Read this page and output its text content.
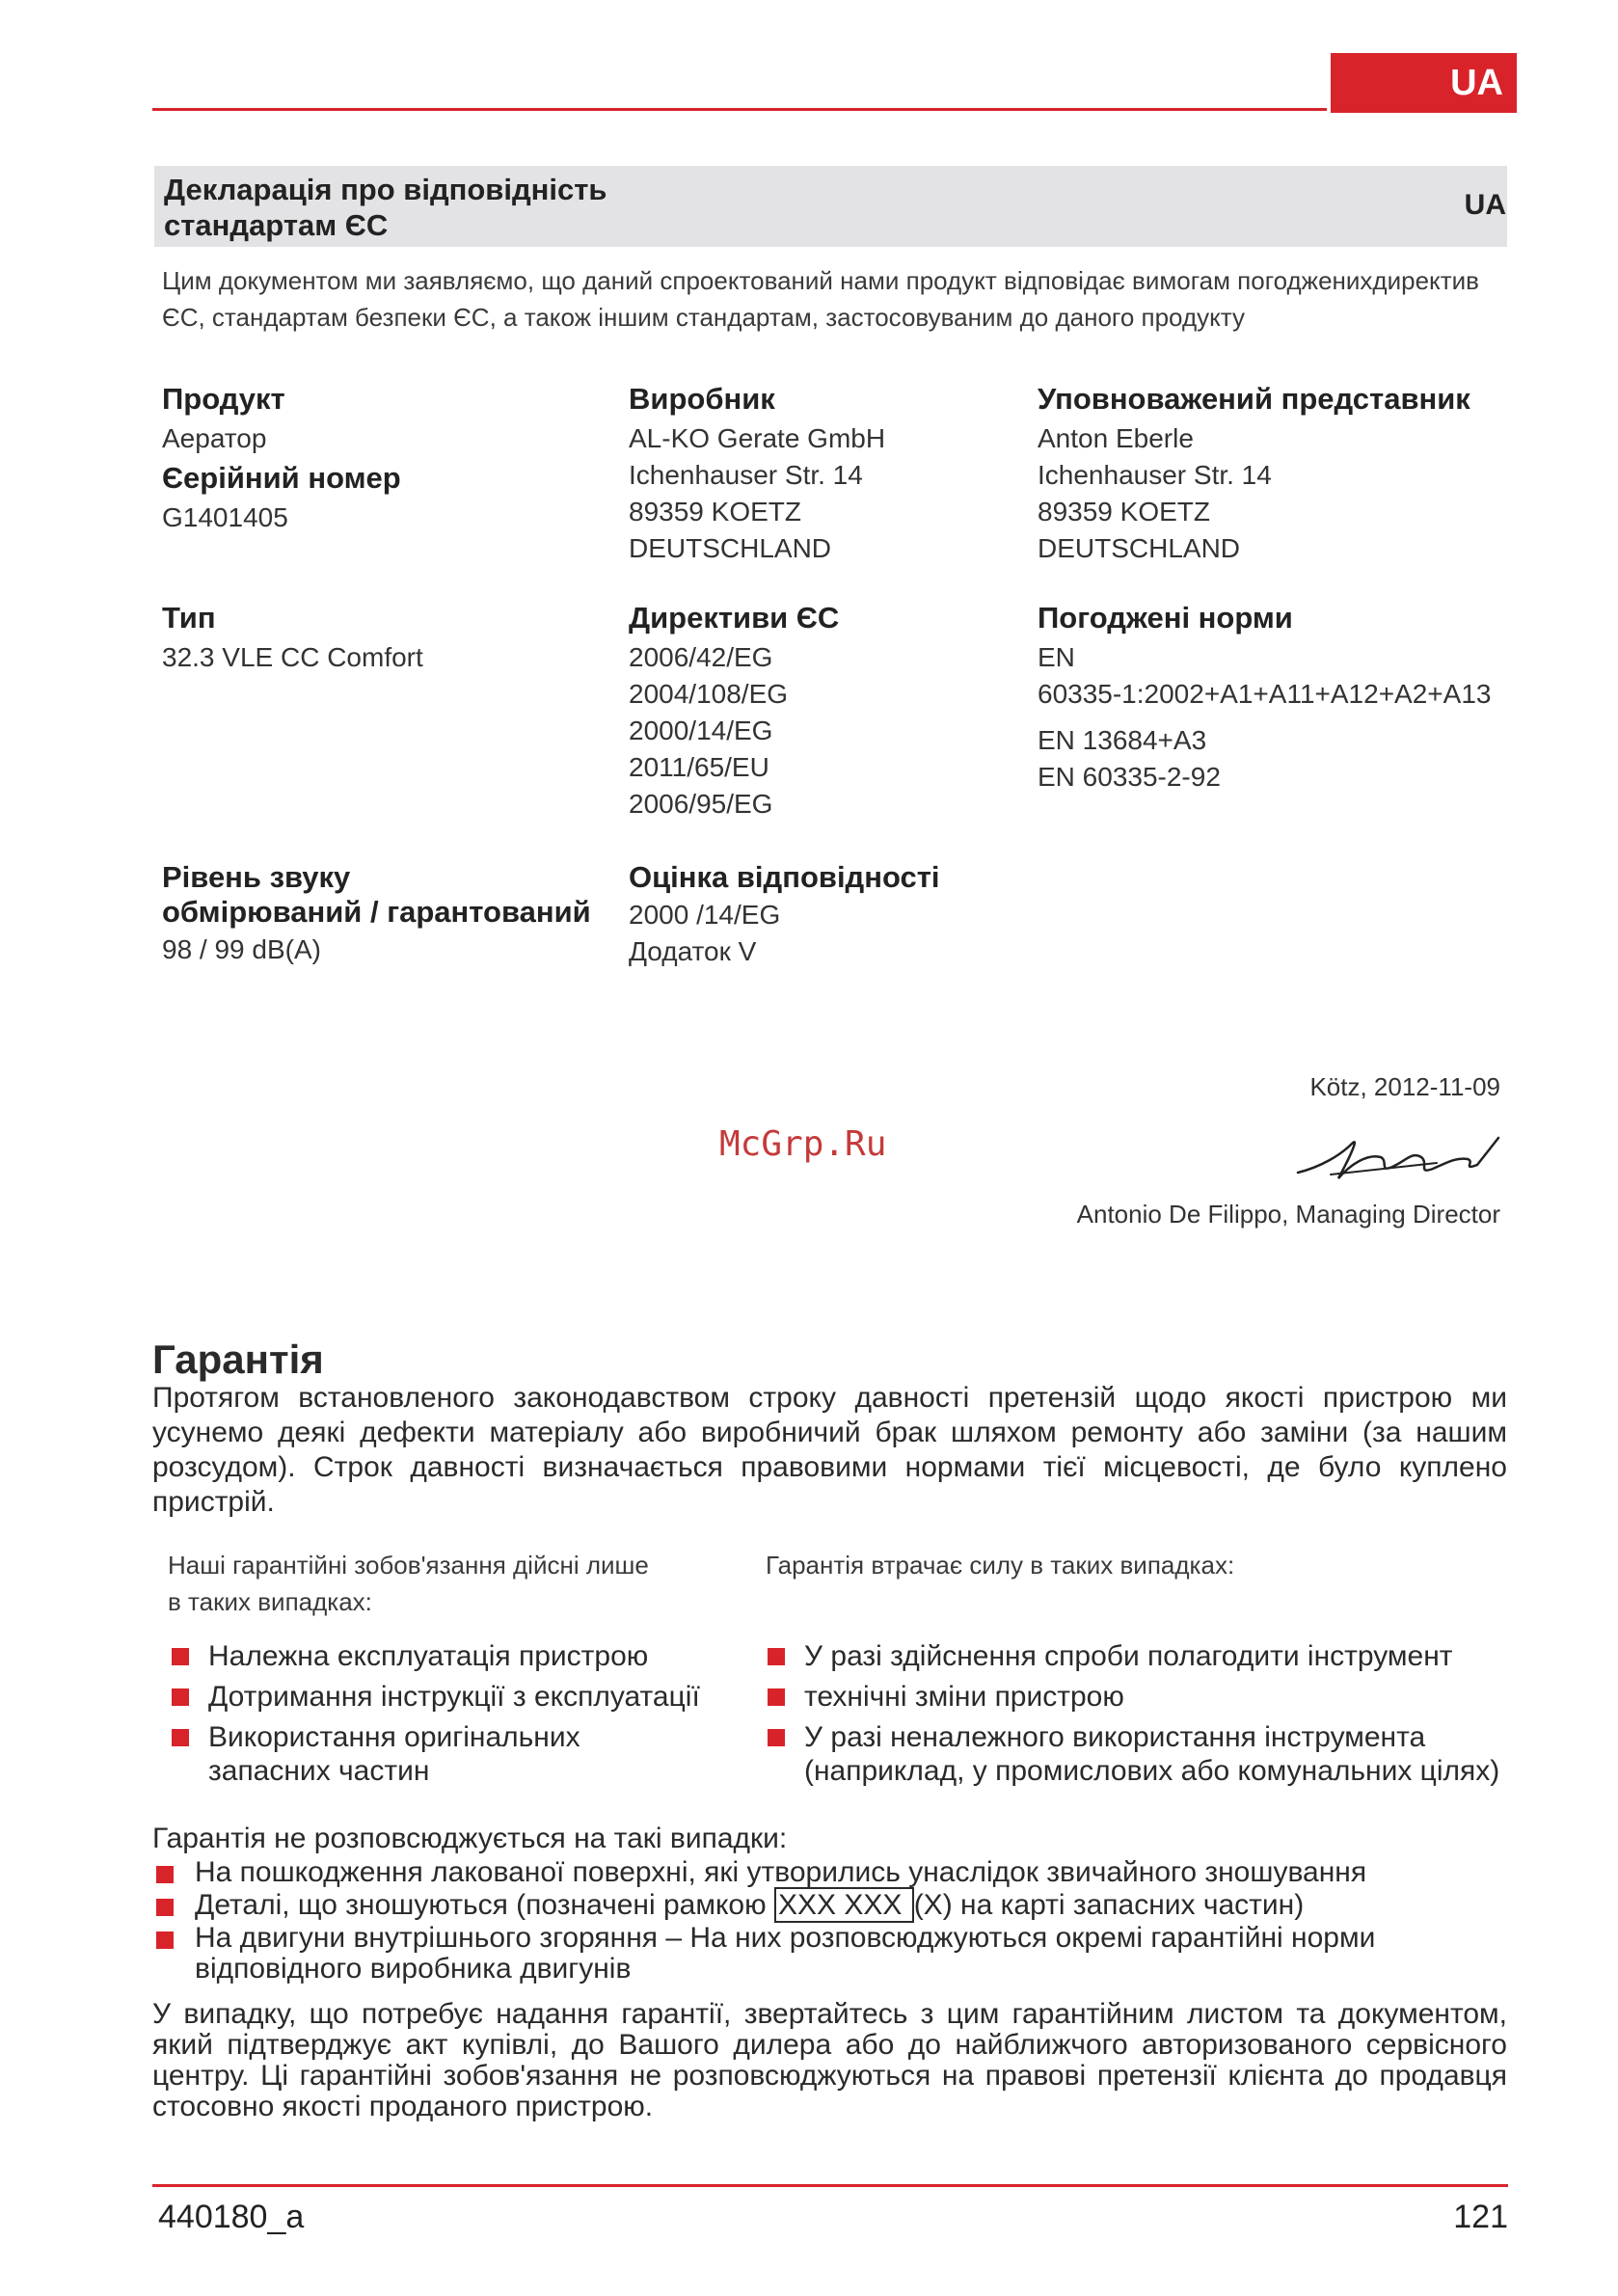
UA
Декларація про відповідність
стандартам ЄС
UA
Цим документом ми заявляємо, що даний спроектований нами продукт відповідає вимогам погодженихдиректив ЄС, стандартам безпеки ЄС, а також іншим стандартам, застосовуваним до даного продукту
Продукт
Аератор
Єерійний номер
G1401405
Виробник
AL-KO Gerate GmbH
Ichenhauser Str. 14
89359 KOETZ
DEUTSCHLAND
Уповноважений представник
Anton Eberle
Ichenhauser Str. 14
89359 KOETZ
DEUTSCHLAND
Тип
32.3 VLE CC Comfort
Директиви ЄС
2006/42/EG
2004/108/EG
2000/14/EG
2011/65/EU
2006/95/EG
Погоджені норми
EN
60335-1:2002+A1+A11+A12+A2+A13
EN 13684+A3
EN 60335-2-92
Рівень звуку
обмірюваний / гарантований
98 / 99 dB(A)
Оцінка відповідності
2000 /14/EG
Додаток V
Kötz, 2012-11-09
McGrp.Ru
Antonio De Filippo, Managing Director
Гарантія
Протягом встановленого законодавством строку давності претензій щодо якості пристрою ми усунемо деякі дефекти матеріалу або виробничий брак шляхом ремонту або заміни (за нашим розсудом). Строк давності визначається правовими нормами тієї місцевості, де було куплено пристрій.
Наші гарантійні зобов'язання дійсні лише
в таких випадках:
Належна експлуатація пристрою
Дотримання інструкції з експлуатації
Використання оригінальних запасних частин
Гарантія втрачає силу в таких випадках:
У разі здійснення спроби полагодити інструмент
технічні зміни пристрою
У разі неналежного використання інструмента (наприклад, у промислових або комунальних цілях)
Гарантія не розповсюджується на такі випадки:
На пошкодження лакованої поверхні, які утворились унаслідок звичайного зношування
Деталі, що зношуються (позначені рамкою XXX XXX (X) на карті запасних частин)
На двигуни внутрішнього згоряння – На них розповсюджуються окремі гарантійні норми відповідного виробника двигунів
У випадку, що потребує надання гарантії, звертайтесь з цим гарантійним листом та документом, який підтверджує акт купівлі, до Вашого дилера або до найближчого авторизованого сервісного центру. Ці гарантійні зобов'язання не розповсюджуються на правові претензії клієнта до продавця стосовно якості проданого пристрою.
440180_a	121
